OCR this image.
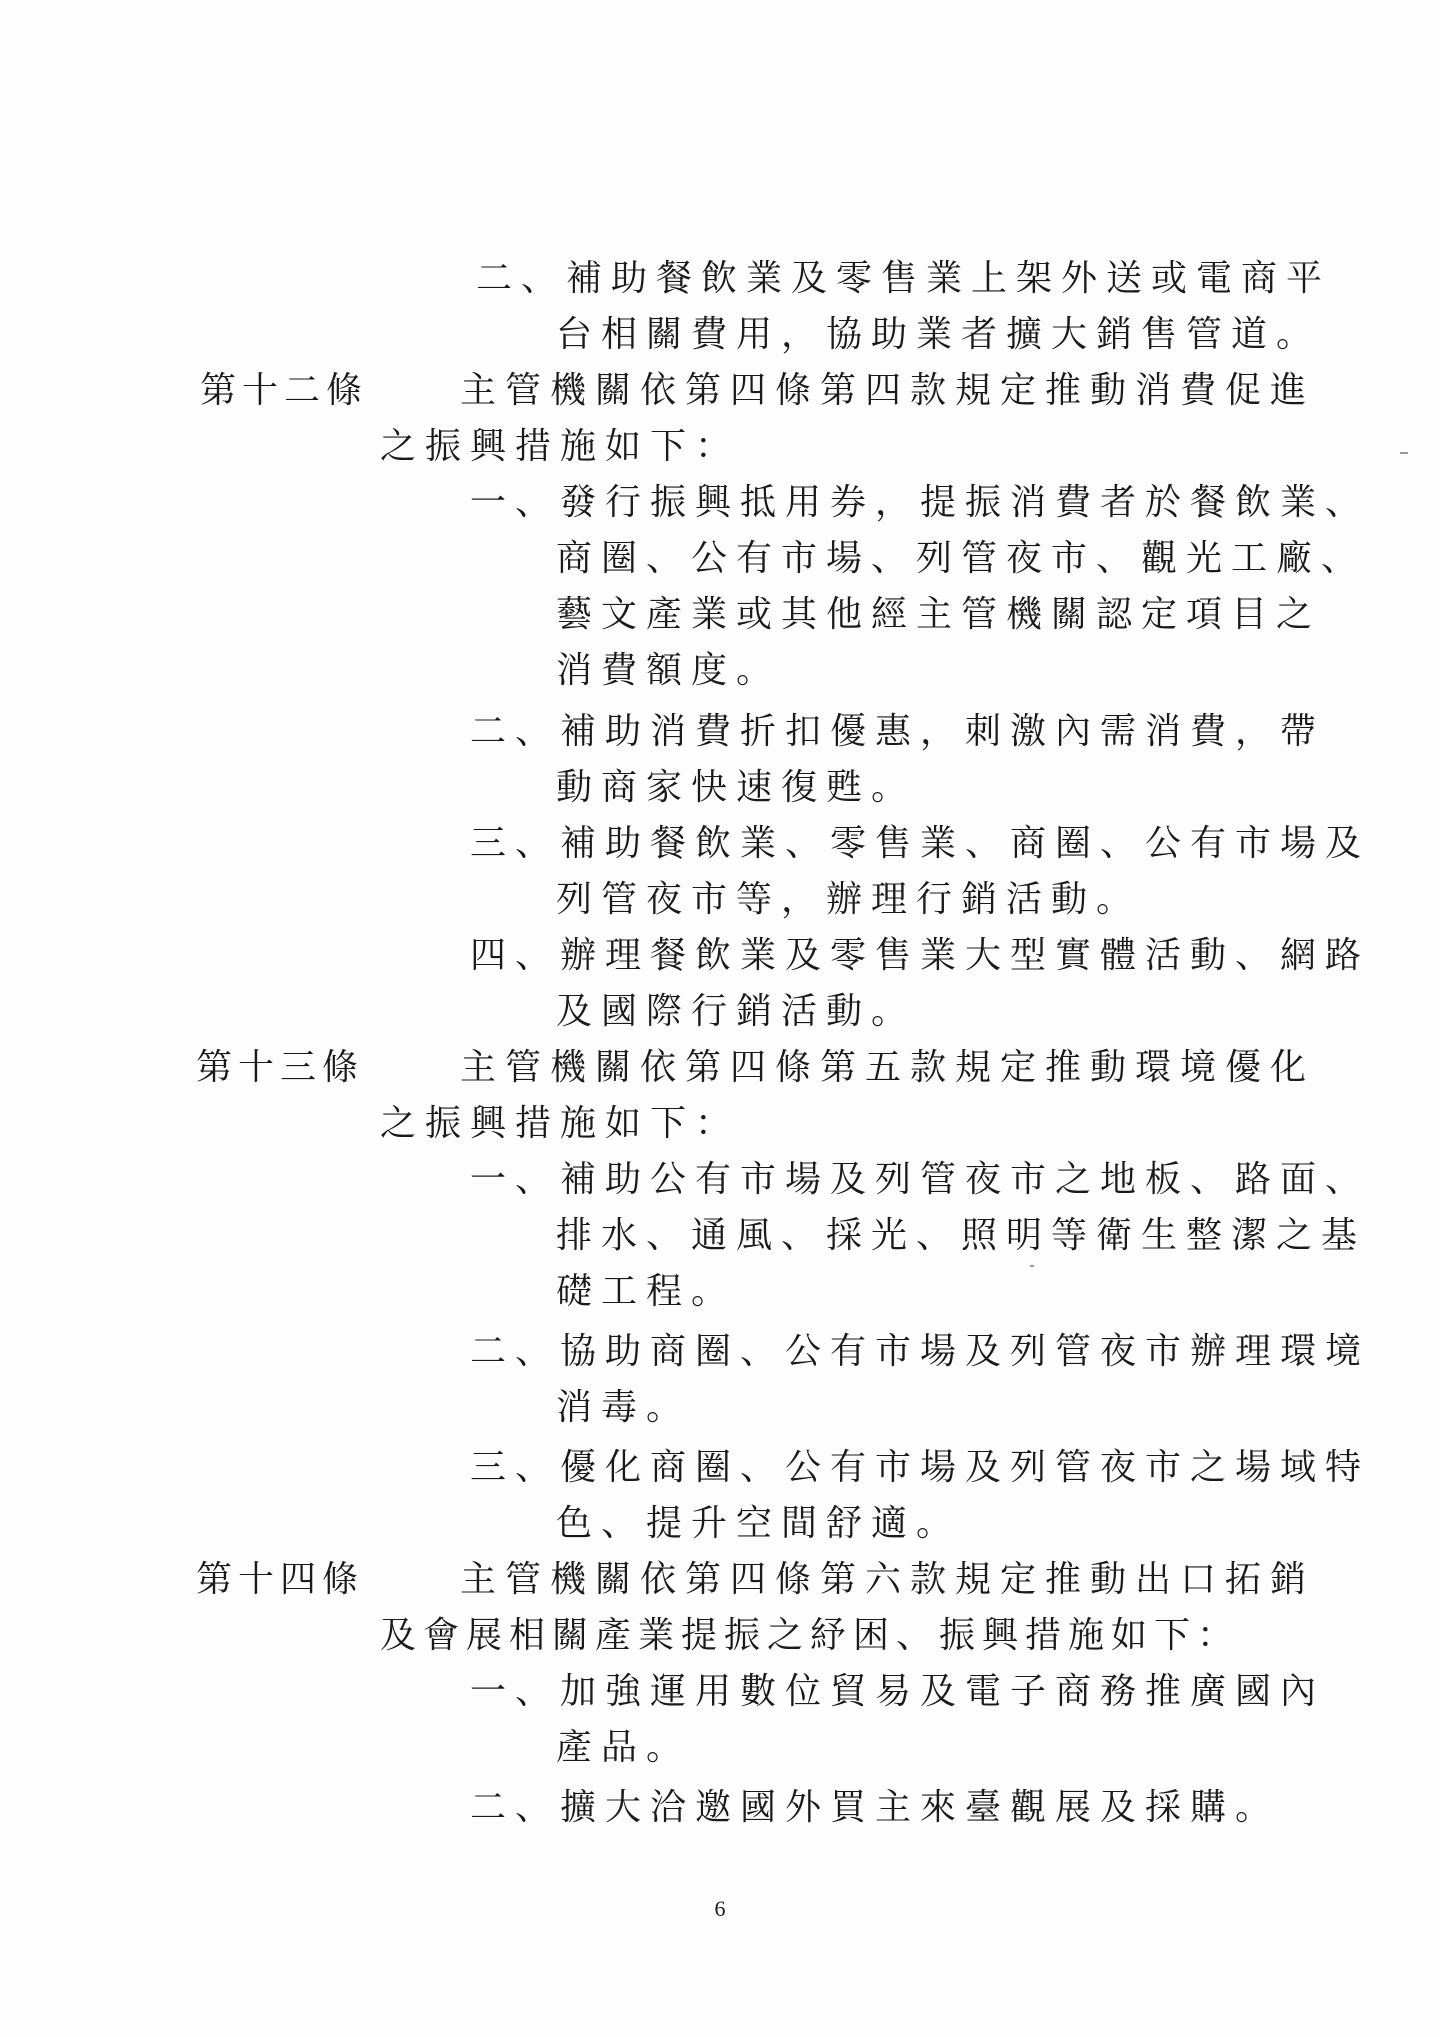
二、補助餐飲業及零售業上架外送或電商平
台相關費用，協助業者擴大銷售管道。
第十二條	主管機關依第四條第四款規定推動消費促進
之振興措施如下：
一、發行振興抵用券，提振消費者於餐飲業、
商圈、公有市場、列管夜市、觀光工廠、
藝文產業或其他經主管機關認定項目之
消費額度。
二、補助消費折扣優惠，刺激內需消費，帶
動商家快速復甦。
三、補助餐飲業、零售業、商圈、公有市場及
列管夜市等，辦理行銷活動。
四、辦理餐飲業及零售業大型實體活動、網路
及國際行銷活動。
第十三條	主管機關依第四條第五款規定推動環境優化
之振興措施如下：
一、補助公有市場及列管夜市之地板、路面、
排水、通風、採光、照明等衛生整潔之基
礎工程。
二、協助商圈、公有市場及列管夜市辦理環境
消毒。
三、優化商圈、公有市場及列管夜市之場域特
色、提升空間舒適。
第十四條	主管機關依第四條第六款規定推動出口拓銷
及會展相關產業提振之紓困、振興措施如下：
一、加強運用數位貿易及電子商務推廣國內
產品。
二、擴大洽邀國外買主來臺觀展及採購。
6
